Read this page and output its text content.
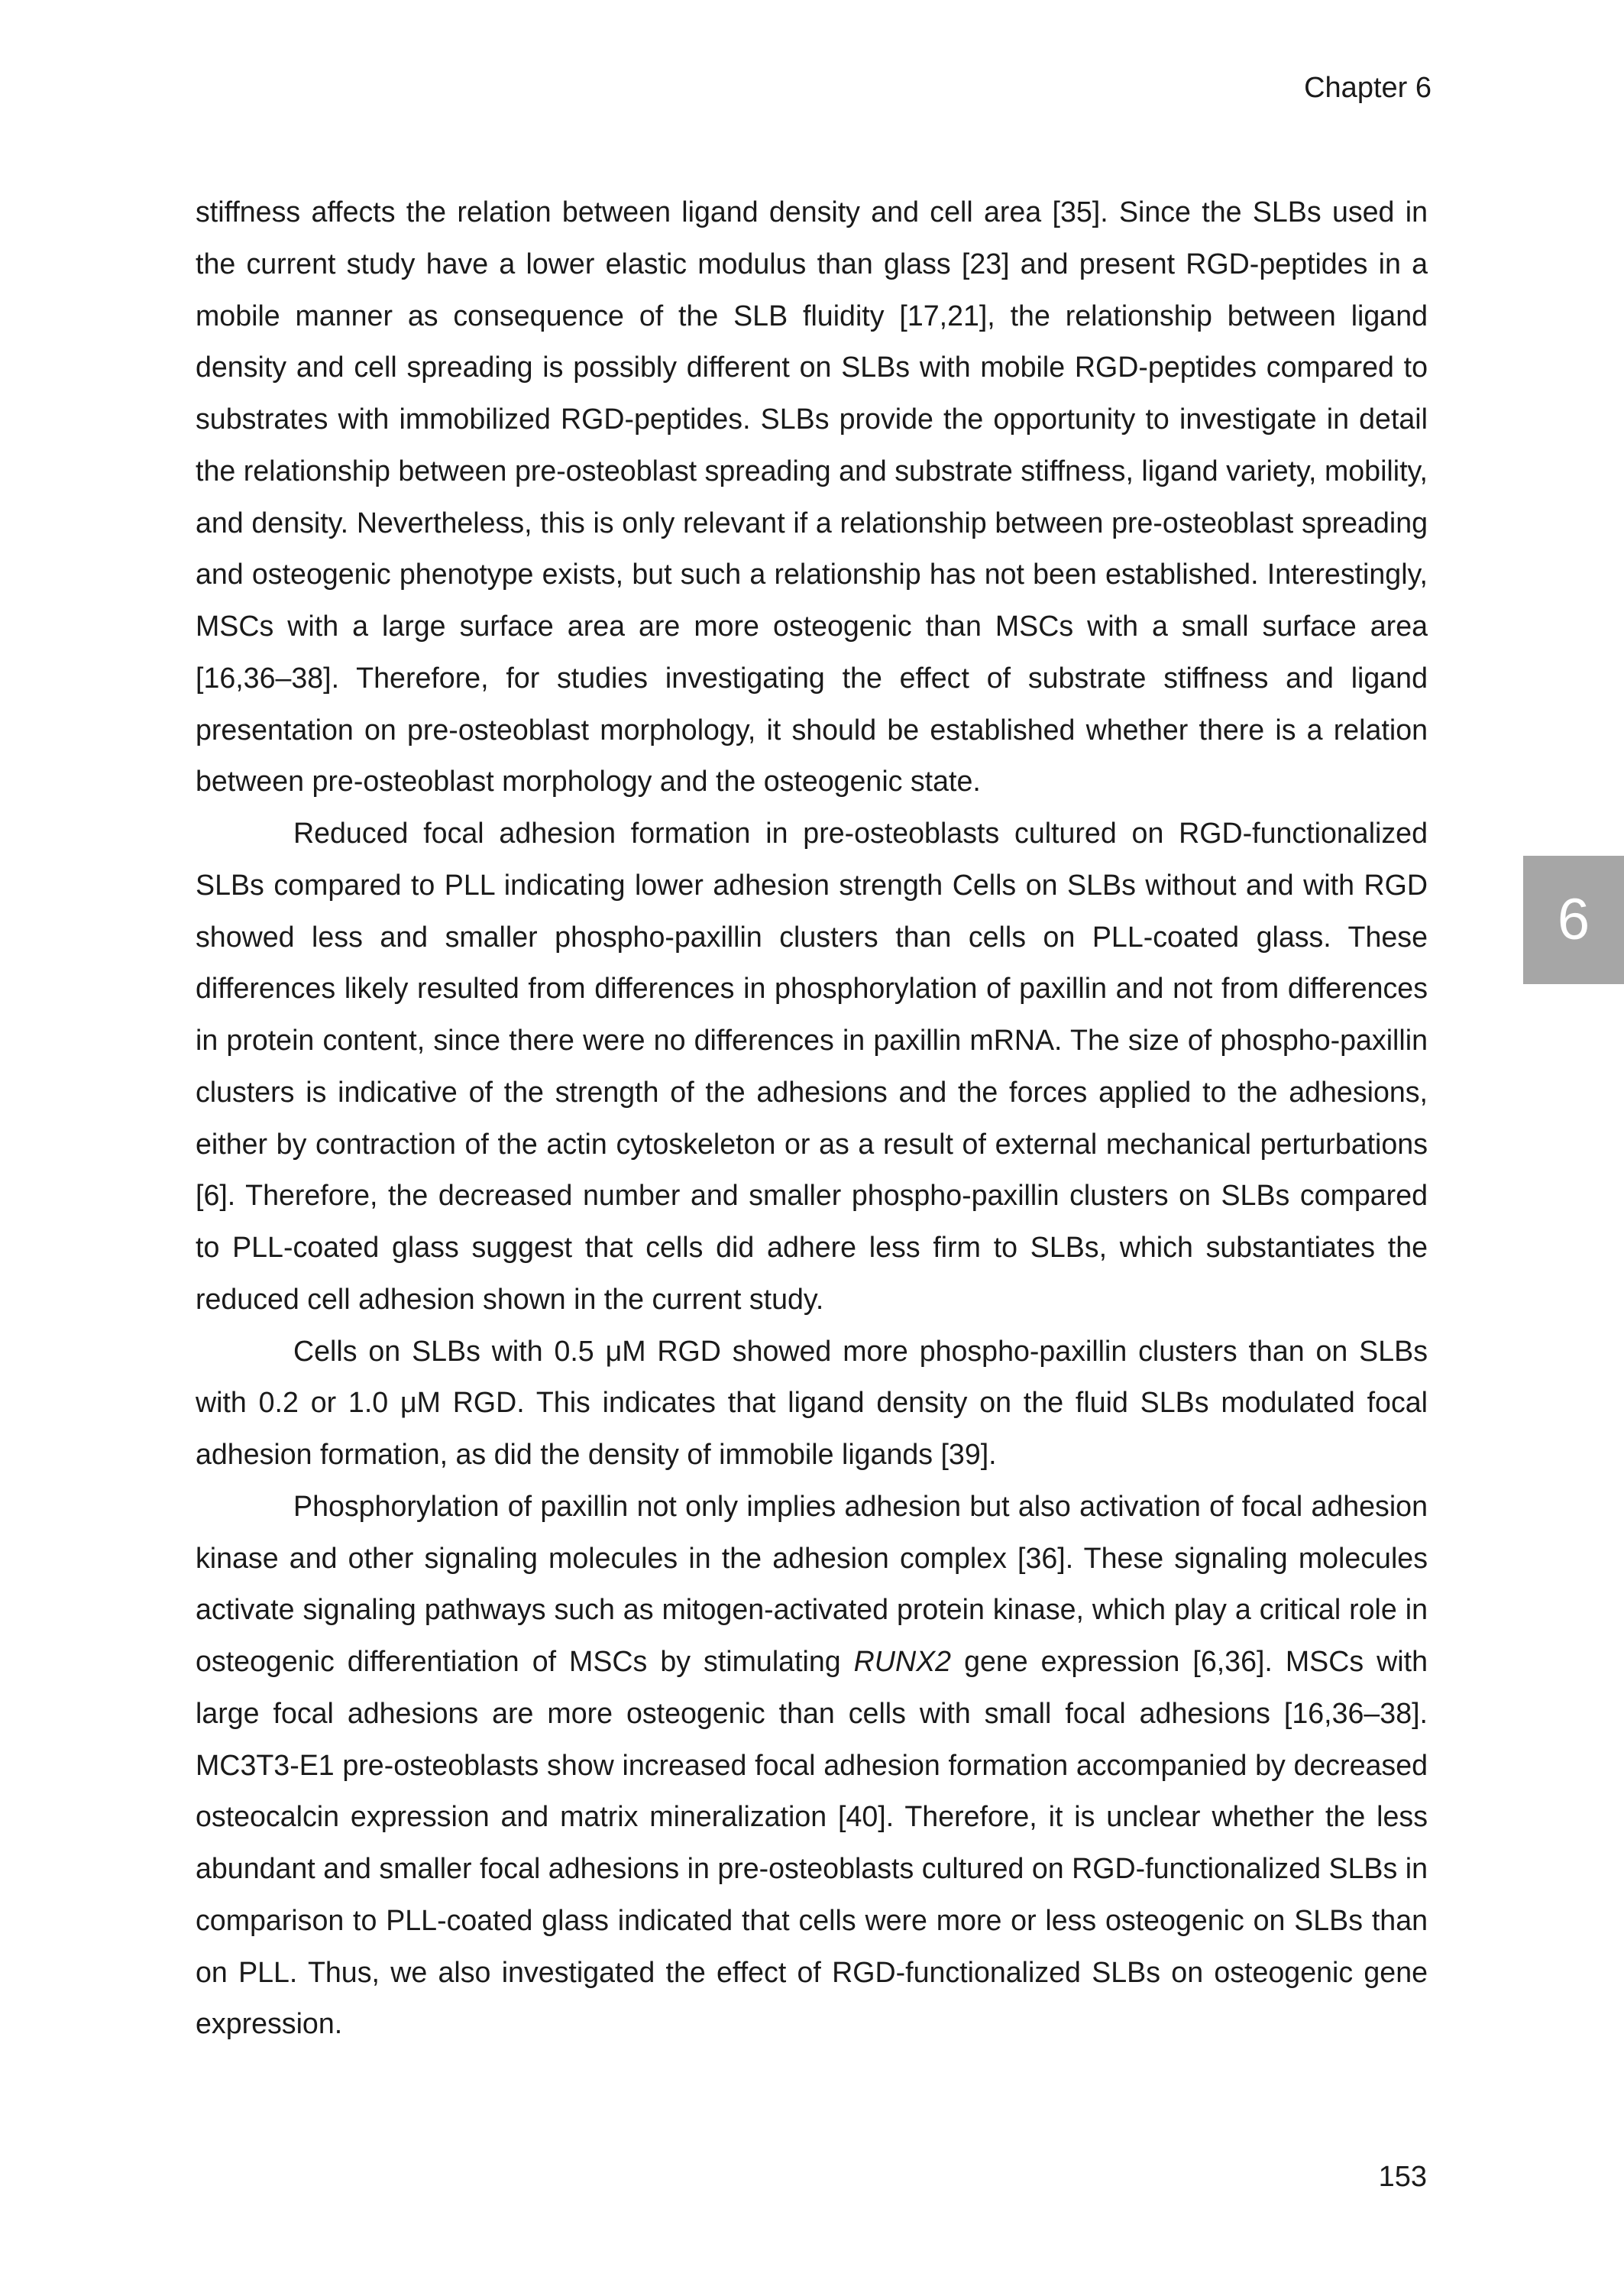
Chapter 6
6

stiffness affects the relation between ligand density and cell area [35]. Since the SLBs used in the current study have a lower elastic modulus than glass [23] and present RGD-peptides in a mobile manner as consequence of the SLB fluidity [17,21], the relationship between ligand density and cell spreading is possibly different on SLBs with mobile RGD-peptides compared to substrates with immobilized RGD-peptides. SLBs provide the opportunity to investigate in detail the relationship between pre-osteoblast spreading and substrate stiffness, ligand variety, mobility, and density. Nevertheless, this is only relevant if a relationship between pre-osteoblast spreading and osteogenic phenotype exists, but such a relationship has not been established. Interestingly, MSCs with a large surface area are more osteogenic than MSCs with a small surface area [16,36–38]. Therefore, for studies investigating the effect of substrate stiffness and ligand presentation on pre-osteoblast morphology, it should be established whether there is a relation between pre-osteoblast morphology and the osteogenic state.

Reduced focal adhesion formation in pre-osteoblasts cultured on RGD-functionalized SLBs compared to PLL indicating lower adhesion strength Cells on SLBs without and with RGD showed less and smaller phospho-paxillin clusters than cells on PLL-coated glass. These differences likely resulted from differences in phosphorylation of paxillin and not from differences in protein content, since there were no differences in paxillin mRNA. The size of phospho-paxillin clusters is indicative of the strength of the adhesions and the forces applied to the adhesions, either by contraction of the actin cytoskeleton or as a result of external mechanical perturbations [6]. Therefore, the decreased number and smaller phospho-paxillin clusters on SLBs compared to PLL-coated glass suggest that cells did adhere less firm to SLBs, which substantiates the reduced cell adhesion shown in the current study.

Cells on SLBs with 0.5 μM RGD showed more phospho-paxillin clusters than on SLBs with 0.2 or 1.0 μM RGD. This indicates that ligand density on the fluid SLBs modulated focal adhesion formation, as did the density of immobile ligands [39].

Phosphorylation of paxillin not only implies adhesion but also activation of focal adhesion kinase and other signaling molecules in the adhesion complex [36]. These signaling molecules activate signaling pathways such as mitogen-activated protein kinase, which play a critical role in osteogenic differentiation of MSCs by stimulating RUNX2 gene expression [6,36]. MSCs with large focal adhesions are more osteogenic than cells with small focal adhesions [16,36–38]. MC3T3-E1 pre-osteoblasts show increased focal adhesion formation accompanied by decreased osteocalcin expression and matrix mineralization [40]. Therefore, it is unclear whether the less abundant and smaller focal adhesions in pre-osteoblasts cultured on RGD-functionalized SLBs in comparison to PLL-coated glass indicated that cells were more or less osteogenic on SLBs than on PLL. Thus, we also investigated the effect of RGD-functionalized SLBs on osteogenic gene expression.

153
